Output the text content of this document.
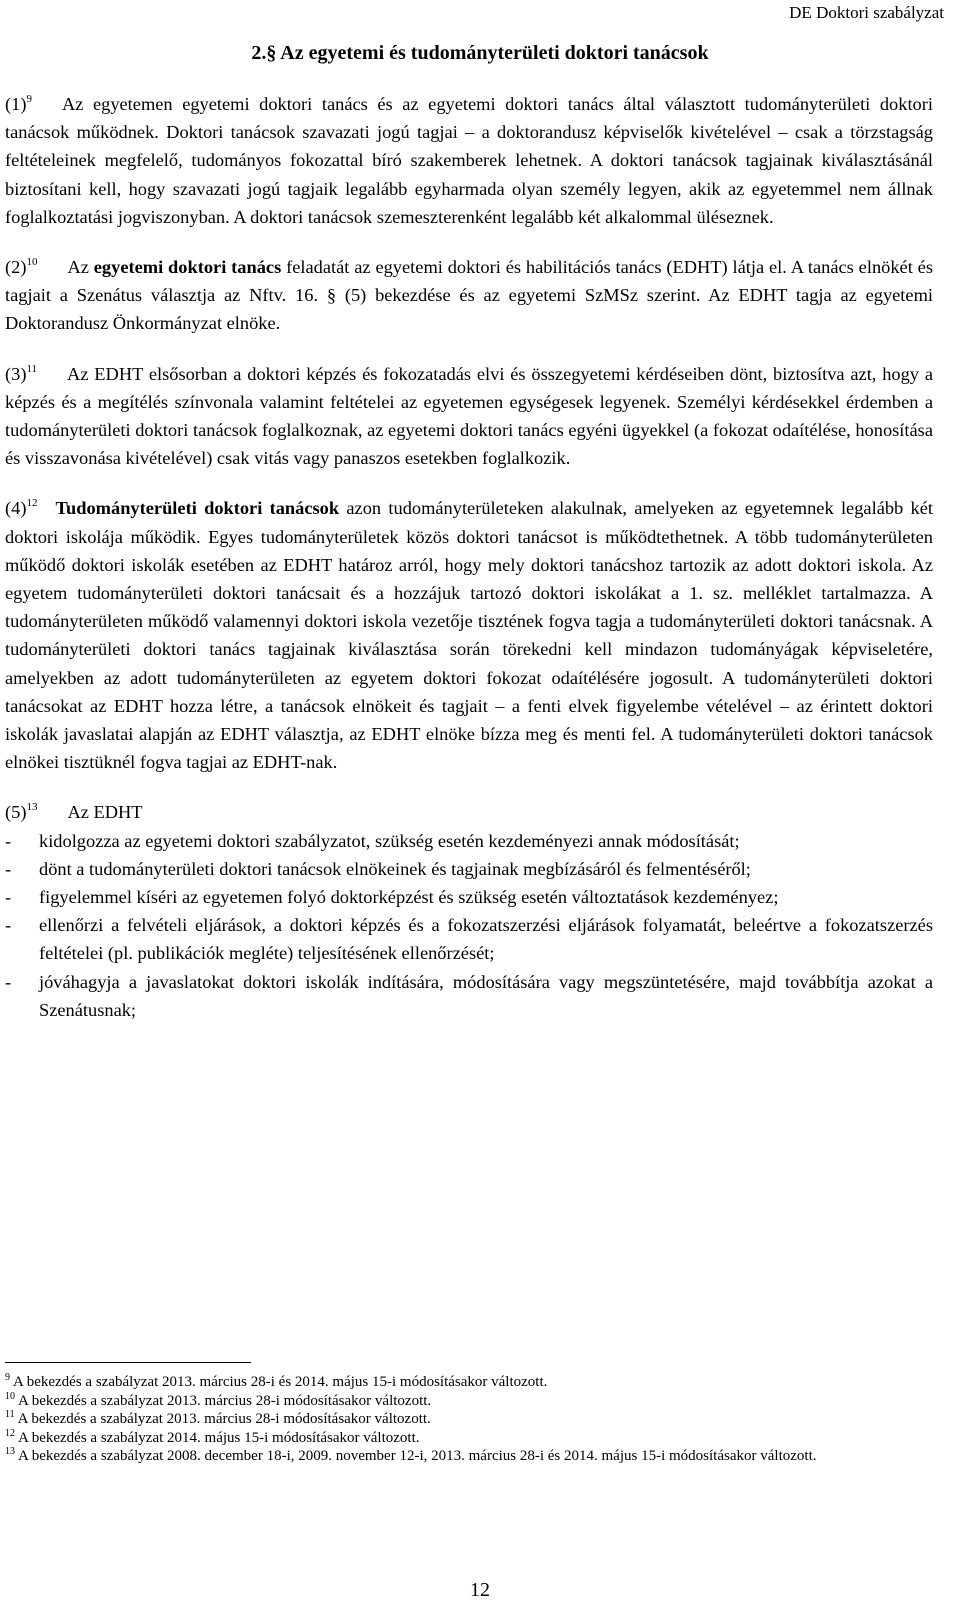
DE Doktori szabályzat
2.§ Az egyetemi és tudományterületi doktori tanácsok

$(1)^9$ Az egyetemen egyetemi doktori tanács és az egyetemi doktori tanács által választott tudományterületi doktori tanácsok működnek. Doktori tanácsok szavazati jogú tagjai – a doktorandusz képviselők kivételével – csak a törzstagság feltételeinek megfelelő, tudományos fokozattal bíró szakemberek lehetnek. A doktori tanácsok tagjainak kiválasztásánál biztosítani kell, hogy szavazati jogú tagjaik legalább egyharmada olyan személy legyen, akik az egyetemmel nem állnak foglalkoztatási jogviszonyban. A doktori tanácsok szemeszterenként legalább két alkalommal üléseznek.

$(2)^{10}$ Az egyetemi doktori tanács feladatát az egyetemi doktori és habilitációs tanács (EDHT) látja el. A tanács elnökét és tagjait a Szenátus választja az Nftv. 16. § (5) bekezdése és az egyetemi SzMSz szerint. Az EDHT tagja az egyetemi Doktorandusz Önkormányzat elnöke.

$(3)^{11}$ Az EDHT elsősorban a doktori képzés és fokozatadás elvi és összegyetemi kérdéseiben dönt, biztosítva azt, hogy a képzés és a megítélés színvonala valamint feltételei az egyetemen egységesek legyenek. Személyi kérdésekkel érdemben a tudományterületi doktori tanácsok foglalkoznak, az egyetemi doktori tanács egyéni ügyekkel (a fokozat odaítélése, honosítása és visszavonása kivételével) csak vitás vagy panaszos esetekben foglalkozik.

$(4)^{12}$ Tudományterületi doktori tanácsok azon tudományterületeken alakulnak, amelyeken az egyetemnek legalább két doktori iskolája működik. Egyes tudományterületek közös doktori tanácsot is működtethetnek. A több tudományterületen működő doktori iskolák esetében az EDHT határoz arról, hogy mely doktori tanácshoz tartozik az adott doktori iskola. Az egyetem tudományterületi doktori tanácsait és a hozzájuk tartozó doktori iskolákat a 1. sz. melléklet tartalmazza. A tudományterületen működő valamennyi doktori iskola vezetője tisztének fogva tagja a tudományterületi doktori tanácsnak. A tudományterületi doktori tanács tagjainak kiválasztása során törekedni kell mindazon tudományágak képviseletére, amelyekben az adott tudományterületen az egyetem doktori fokozat odaítélésére jogosult. A tudományterületi doktori tanácsokat az EDHT hozza létre, a tanácsok elnökeit és tagjait – a fenti elvek figyelembe vételével – az érintett doktori iskolák javaslatai alapján az EDHT választja, az EDHT elnöke bízza meg és menti fel. A tudományterületi doktori tanácsok elnökei tisztüknél fogva tagjai az EDHT-nak.

$(5)^{13}$ Az EDHT
- kidolgozza az egyetemi doktori szabályzatot, szükség esetén kezdeményezi annak módosítását;
- dönt a tudományterületi doktori tanácsok elnökeinek és tagjainak megbízásáról és felmentéséről;
- figyelemmel kíséri az egyetemen folyó doktorképzést és szükség esetén változtatások kezdeményez;
- ellenőrzi a felvételi eljárások, a doktori képzés és a fokozatszerzési eljárások folyamatát, beleértve a fokozatszerzés feltételei (pl. publikációk megléte) teljesítésének ellenőrzését;
- jóváhagyja a javaslatokat doktori iskolák indítására, módosítására vagy megszüntetésére, majd továbbítja azokat a Szenátusnak;

$^9$ A bekezdés a szabályzat 2013. március 28-i és 2014. május 15-i módosításakor változott.

$^{10}$ A bekezdés a szabályzat 2013. március 28-i módosításakor változott.

$^{11}$ A bekezdés a szabályzat 2013. március 28-i módosításakor változott.

$^{12}$ A bekezdés a szabályzat 2014. május 15-i módosításakor változott.

$^{13}$ A bekezdés a szabályzat 2008. december 18-i, 2009. november 12-i, 2013. március 28-i és 2014. május 15-i módosításakor változott.

12
